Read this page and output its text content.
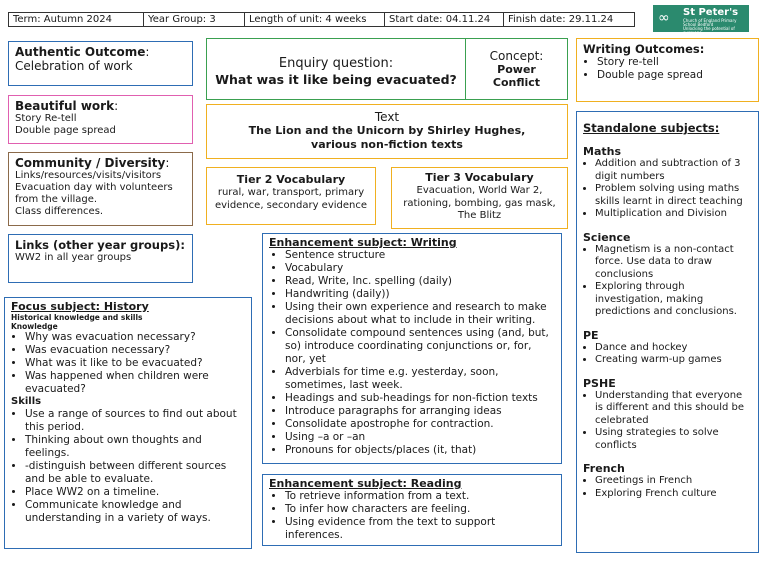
Term: Autumn 2024	Year Group: 3	Length of unit: 4 weeks	Start date: 04.11.24	Finish date: 29.11.24	∞ St Peter's
Church of England Primary School Bedford
Unlocking the potential of everyone
Authentic Outcome:
Celebration of work	Enquiry question:
What was it like being evacuated?
Concept:
Power
Conflict
Writing Outcomes:
• Story re-tell
• Double page spread
Beautiful work:
Story Re-tell
Double page spread
Text
The Lion and the Unicorn by Shirley Hughes, various non-fiction texts
Community / Diversity:
Links/resources/visits/visitors
Evacuation day with volunteers
from the village.
Class differences.
Tier 2 Vocabulary
rural, war, transport, primary evidence, secondary evidence
Tier 3 Vocabulary
Evacuation, World War 2, rationing, bombing, gas mask, The Blitz
Links (other year groups):
WW2 in all year groups
Enhancement subject: Writing
• Sentence structure
• Vocabulary
• Read, Write, Inc. spelling (daily)
• Handwriting (daily))
• Using their own experience and research to make decisions about what to include in their writing.
• Consolidate compound sentences using (and, but, so) introduce coordinating conjunctions or, for, nor, yet
• Adverbials for time e.g. yesterday, soon, sometimes, last week.
• Headings and sub-headings for non-fiction texts
• Introduce paragraphs for arranging ideas
• Consolidate apostrophe for contraction.
• Using –a or –an
• Pronouns for objects/places (it, that)
Enhancement subject: Reading
• To retrieve information from a text.
• To infer how characters are feeling.
• Using evidence from the text to support inferences.
Focus subject: History
Historical knowledge and skills
Knowledge
• Why was evacuation necessary?
• Was evacuation necessary?
• What was it like to be evacuated?
• Was happened when children were evacuated?
Skills
• Use a range of sources to find out about this period.
• Thinking about own thoughts and feelings.
• -distinguish between different sources and be able to evaluate.
• Place WW2 on a timeline.
• Communicate knowledge and understanding in a variety of ways.
Standalone subjects:
Maths
• Addition and subtraction of 3 digit numbers
• Problem solving using maths skills learnt in direct teaching
• Multiplication and Division
Science
• Magnetism is a non-contact force. Use data to draw conclusions
• Exploring through investigation, making predictions and conclusions.
PE
• Dance and hockey
• Creating warm-up games
PSHE
• Understanding that everyone is different and this should be celebrated
• Using strategies to solve conflicts
French
• Greetings in French
• Exploring French culture
